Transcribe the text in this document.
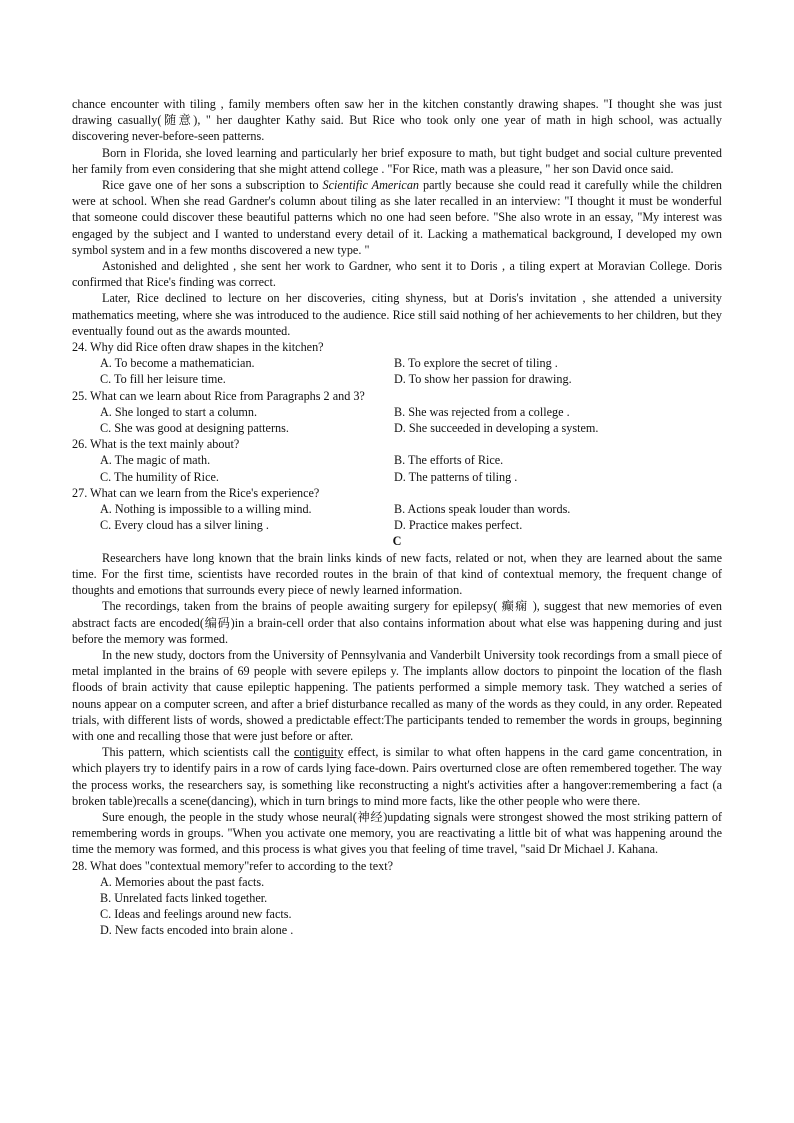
chance encounter with tiling , family members often saw her in the kitchen constantly drawing shapes. "I thought she was just drawing casually(随意), " her daughter Kathy said. But Rice who took only one year of math in high school, was actually discovering never-before-seen patterns.

Born in Florida, she loved learning and particularly her brief exposure to math, but tight budget and social culture prevented her family from even considering that she might attend college . "For Rice, math was a pleasure, " her son David once said.

Rice gave one of her sons a subscription to Scientific American partly because she could read it carefully while the children were at school. When she read Gardner's column about tiling as she later recalled in an interview: "I thought it must be wonderful that someone could discover these beautiful patterns which no one had seen before. "She also wrote in an essay, "My interest was engaged by the subject and I wanted to understand every detail of it. Lacking a mathematical background, I developed my own symbol system and in a few months discovered a new type. "

Astonished and delighted , she sent her work to Gardner, who sent it to Doris , a tiling expert at Moravian College. Doris confirmed that Rice's finding was correct.

Later, Rice declined to lecture on her discoveries, citing shyness, but at Doris's invitation , she attended a university mathematics meeting, where she was introduced to the audience. Rice still said nothing of her achievements to her children, but they eventually found out as the awards mounted.

24. Why did Rice often draw shapes in the kitchen?

A. To become a mathematician.	B. To explore the secret of tiling .
C. To fill her leisure time.	D. To show her passion for drawing.

25. What can we learn about Rice from Paragraphs 2 and 3?

A. She longed to start a column.	B. She was rejected from a college .
C. She was good at designing patterns.	D. She succeeded in developing a system.

26. What is the text mainly about?

A. The magic of math.	B. The efforts of Rice.
C. The humility of Rice.	D. The patterns of tiling .

27. What can we learn from the Rice's experience?

A. Nothing is impossible to a willing mind.	B. Actions speak louder than words.
C. Every cloud has a silver lining .	D. Practice makes perfect.

C

Researchers have long known that the brain links kinds of new facts, related or not, when they are learned about the same time. For the first time, scientists have recorded routes in the brain of that kind of contextual memory, the frequent change of thoughts and emotions that surrounds every piece of newly learned information.

The recordings, taken from the brains of people awaiting surgery for epilepsy( 癫痫 ), suggest that new memories of even abstract facts are encoded(编码)in a brain-cell order that also contains information about what else was happening during and just before the memory was formed.

In the new study, doctors from the University of Pennsylvania and Vanderbilt University took recordings from a small piece of metal implanted in the brains of 69 people with severe epileps y. The implants allow doctors to pinpoint the location of the flash floods of brain activity that cause epileptic happening. The patients performed a simple memory task. They watched a series of nouns appear on a computer screen, and after a brief disturbance recalled as many of the words as they could, in any order. Repeated trials, with different lists of words, showed a predictable effect:The participants tended to remember the words in groups, beginning with one and recalling those that were just before or after.

This pattern, which scientists call the contiguity effect, is similar to what often happens in the card game concentration, in which players try to identify pairs in a row of cards lying face-down. Pairs overturned close are often remembered together. The way the process works, the researchers say, is something like reconstructing a night's activities after a hangover:remembering a fact (a broken table)recalls a scene(dancing), which in turn brings to mind more facts, like the other people who were there.

Sure enough, the people in the study whose neural(神经)updating signals were strongest showed the most striking pattern of remembering words in groups. "When you activate one memory, you are reactivating a little bit of what was happening around the time the memory was formed, and this process is what gives you that feeling of time travel, "said Dr Michael J. Kahana.

28. What does "contextual memory"refer to according to the text?

A. Memories about the past facts.
B. Unrelated facts linked together.
C. Ideas and feelings around new facts.
D. New facts encoded into brain alone .
